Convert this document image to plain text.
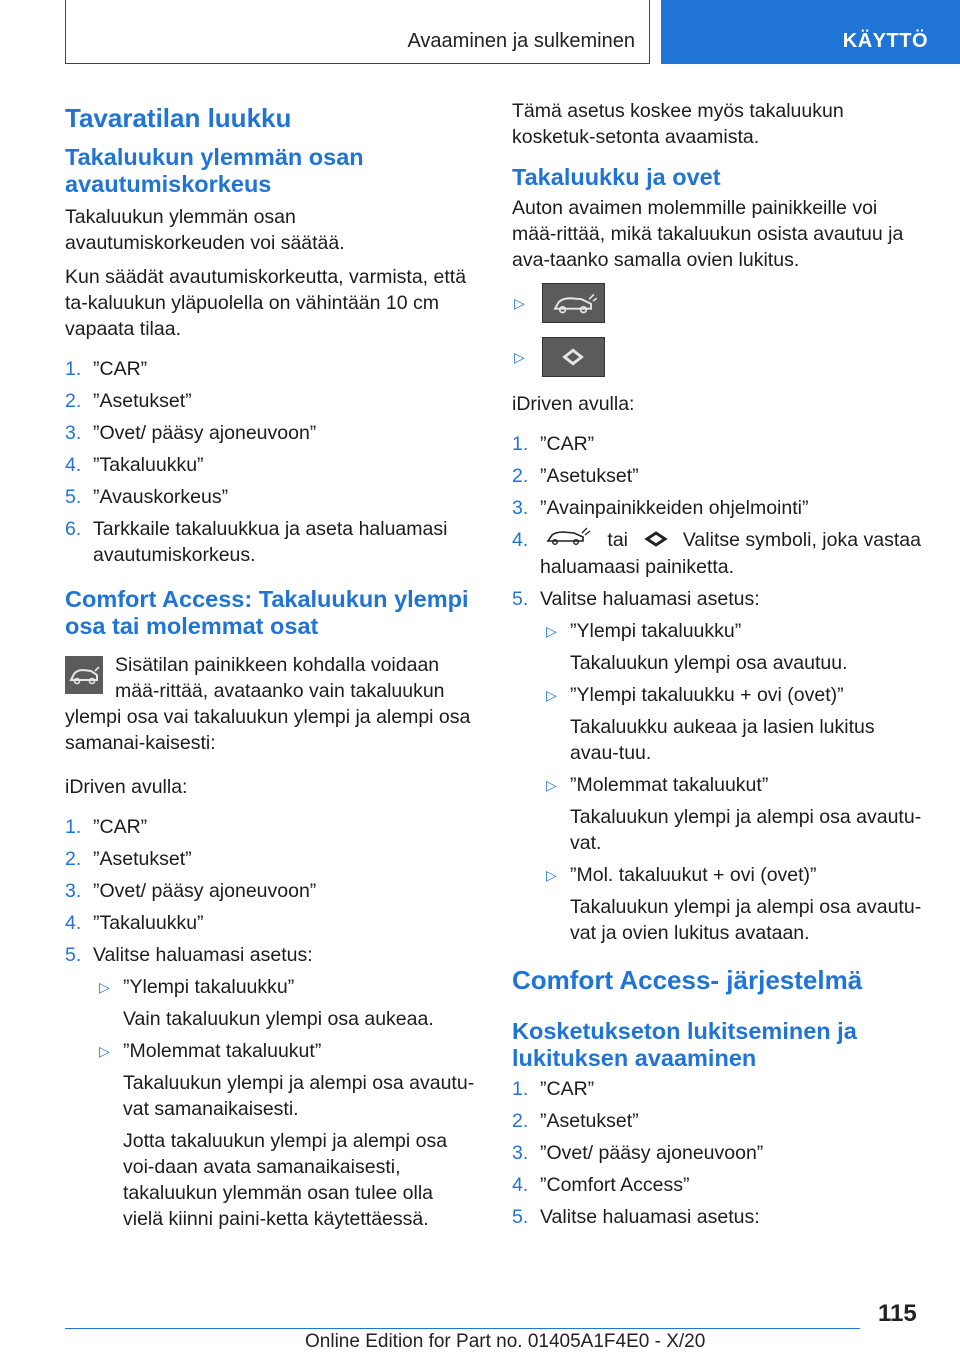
Avaaminen ja sulkeminen	KÄYTTÖ
Tavaratilan luukku
Takaluukun ylemmän osan avautumiskorkeus

Takaluukun ylemmän osan avautumiskorkeuden voi säätää.

Kun säädät avautumiskorkeutta, varmista, että ta-kaluukun yläpuolella on vähintään 10 cm vapaata tilaa.

1. ”CAR”
2. ”Asetukset”
3. ”Ovet/ pääsy ajoneuvoon”
4. ”Takaluukku”
5. ”Avauskorkeus”
6. Tarkkaile takaluukkua ja aseta haluamasi avautumiskorkeus.
Comfort Access: Takaluukun ylempi osa tai molemmat osat

Sisätilan painikkeen kohdalla voidaan mää-rittää, avataanko vain takaluukun ylempi osa vai takaluukun ylempi ja alempi osa samanai-kaisesti:

iDriven avulla:

1. ”CAR”
2. ”Asetukset”
3. ”Ovet/ pääsy ajoneuvoon”
4. ”Takaluukku”
5. Valitse haluamasi asetus:
▷ ”Ylempi takaluukku”
Vain takaluukun ylempi osa aukeaa.
▷ ”Molemmat takaluukut”
Takaluukun ylempi ja alempi osa avautu-vat samanaikaisesti.
Jotta takaluukun ylempi ja alempi osa voi-daan avata samanaikaisesti, takaluukun ylemmän osan tulee olla vielä kiinni paini-ketta käytettäessä.

Tämä asetus koskee myös takaluukun kosketuk-setonta avaamista.

Takaluukku ja ovet

Auton avaimen molemmille painikkeille voi mää-rittää, mikä takaluukun osista avautuu ja ava-taanko samalla ovien lukitus.

▷
▷

iDriven avulla:

1. ”CAR”
2. ”Asetukset”
3. ”Avainpainikkeiden ohjelmointi”
4.	tai	Valitse symboli, joka vastaa haluamaasi painiketta.
5. Valitse haluamasi asetus:
▷ ”Ylempi takaluukku”
Takaluukun ylempi osa avautuu.
▷ ”Ylempi takaluukku + ovi (ovet)”
Takaluukku aukeaa ja lasien lukitus avau-tuu.
▷ ”Molemmat takaluukut”
Takaluukun ylempi ja alempi osa avautu-vat.
▷ ”Mol. takaluukut + ovi (ovet)”
Takaluukun ylempi ja alempi osa avautu-vat ja ovien lukitus avataan.
Comfort Access- järjestelmä
Kosketukseton lukitseminen ja lukituksen avaaminen
1. ”CAR”
2. ”Asetukset”
3. ”Ovet/ pääsy ajoneuvoon”
4. ”Comfort Access”
5. Valitse haluamasi asetus:
115
Online Edition for Part no. 01405A1F4E0 - X/20
